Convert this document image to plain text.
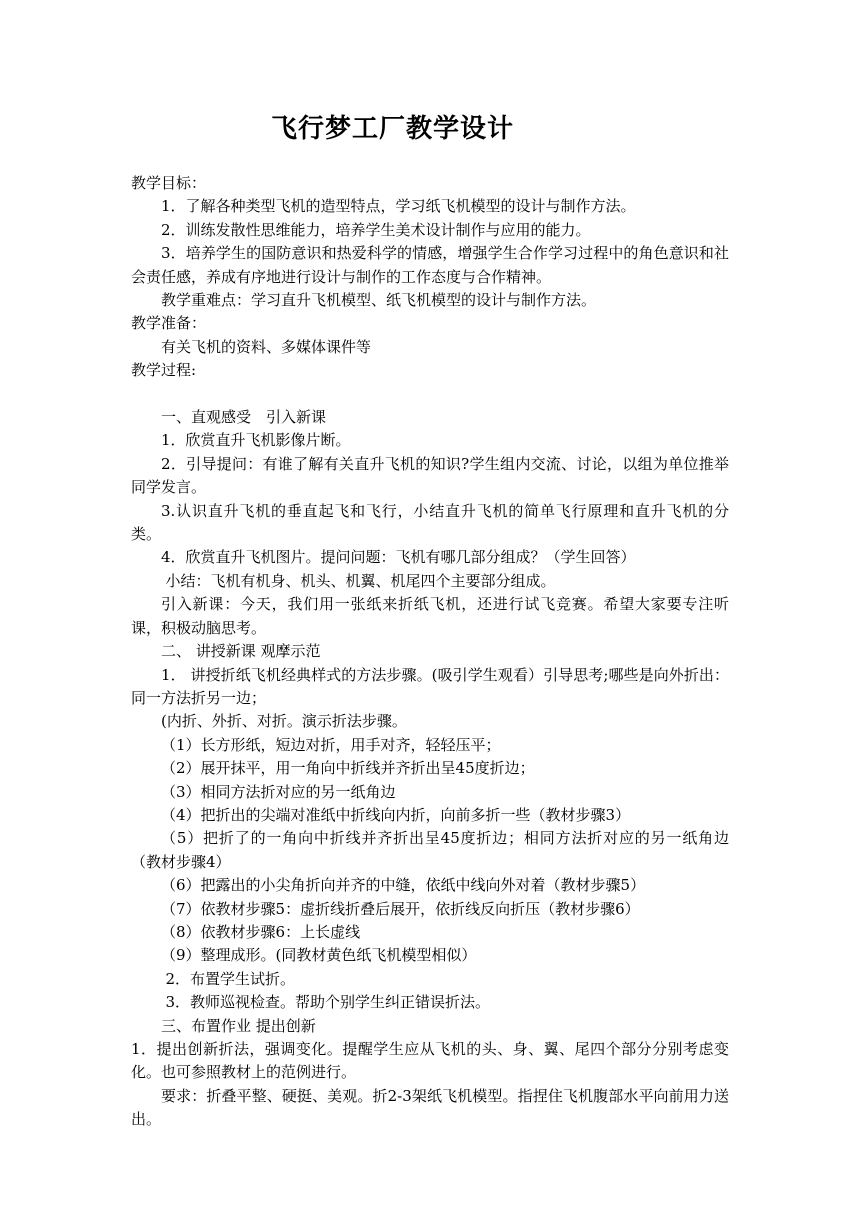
飞行梦工厂教学设计

教学目标：

1．了解各种类型飞机的造型特点，学习纸飞机模型的设计与制作方法。

2．训练发散性思维能力，培养学生美术设计制作与应用的能力。

3．培养学生的国防意识和热爱科学的情感，增强学生合作学习过程中的角色意识和社会责任感，养成有序地进行设计与制作的工作态度与合作精神。

教学重难点：学习直升飞机模型、纸飞机模型的设计与制作方法。

教学准备：

有关飞机的资料、多媒体课件等

教学过程:

一、直观感受　引入新课

1．欣赏直升飞机影像片断。

2．引导提问：有谁了解有关直升飞机的知识?学生组内交流、讨论，以组为单位推举同学发言。

3.认识直升飞机的垂直起飞和飞行，小结直升飞机的简单飞行原理和直升飞机的分类。

4．欣赏直升飞机图片。提问问题：飞机有哪几部分组成？（学生回答）

小结：飞机有机身、机头、机翼、机尾四个主要部分组成。

引入新课：今天，我们用一张纸来折纸飞机，还进行试飞竞赛。希望大家要专注听课，积极动脑思考。

二、 讲授新课 观摩示范

1． 讲授折纸飞机经典样式的方法步骤。(吸引学生观看）引导思考;哪些是向外折出：同一方法折另一边；

(内折、外折、对折。演示折法步骤。

（1）长方形纸，短边对折，用手对齐，轻轻压平；

（2）展开抹平，用一角向中折线并齐折出呈45度折边；

（3）相同方法折对应的另一纸角边

（4）把折出的尖端对准纸中折线向内折，向前多折一些（教材步骤3）

（5）把折了的一角向中折线并齐折出呈45度折边；相同方法折对应的另一纸角边（教材步骤4）

（6）把露出的小尖角折向并齐的中缝，依纸中线向外对着（教材步骤5）

（7）依教材步骤5：虚折线折叠后展开，依折线反向折压（教材步骤6）

（8）依教材步骤6：上长虚线

（9）整理成形。(同教材黄色纸飞机模型相似）

2．布置学生试折。

3．教师巡视检查。帮助个别学生纠正错误折法。

三、布置作业 提出创新

1．提出创新折法，强调变化。提醒学生应从飞机的头、身、翼、尾四个部分分别考虑变化。也可参照教材上的范例进行。

要求：折叠平整、硬挺、美观。折2-3架纸飞机模型。指捏住飞机腹部水平向前用力送出。
